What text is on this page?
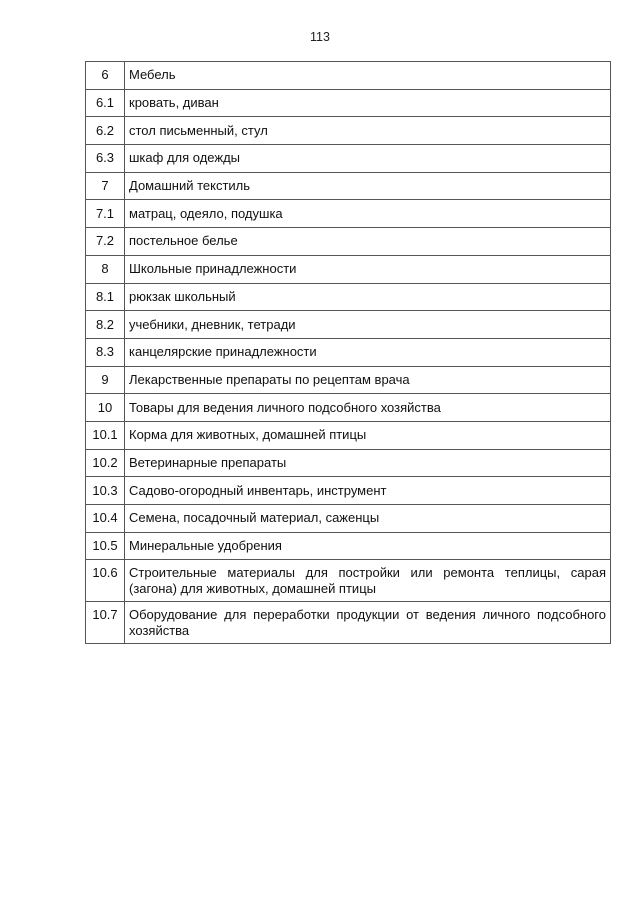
113
6	Мебель
6.1	кровать, диван
6.2	стол письменный, стул
6.3	шкаф для одежды
7	Домашний текстиль
7.1	матрац, одеяло, подушка
7.2	постельное белье
8	Школьные принадлежности
8.1	рюкзак школьный
8.2	учебники, дневник, тетради
8.3	канцелярские принадлежности
9	Лекарственные препараты по рецептам врача
10	Товары для ведения личного подсобного хозяйства
10.1	Корма для животных, домашней птицы
10.2	Ветеринарные препараты
10.3	Садово-огородный инвентарь, инструмент
10.4	Семена, посадочный материал, саженцы
10.5	Минеральные удобрения
10.6	Строительные материалы для постройки или ремонта теплицы, сарая (загона) для животных, домашней птицы
10.7	Оборудование для переработки продукции от ведения личного подсобного хозяйства
